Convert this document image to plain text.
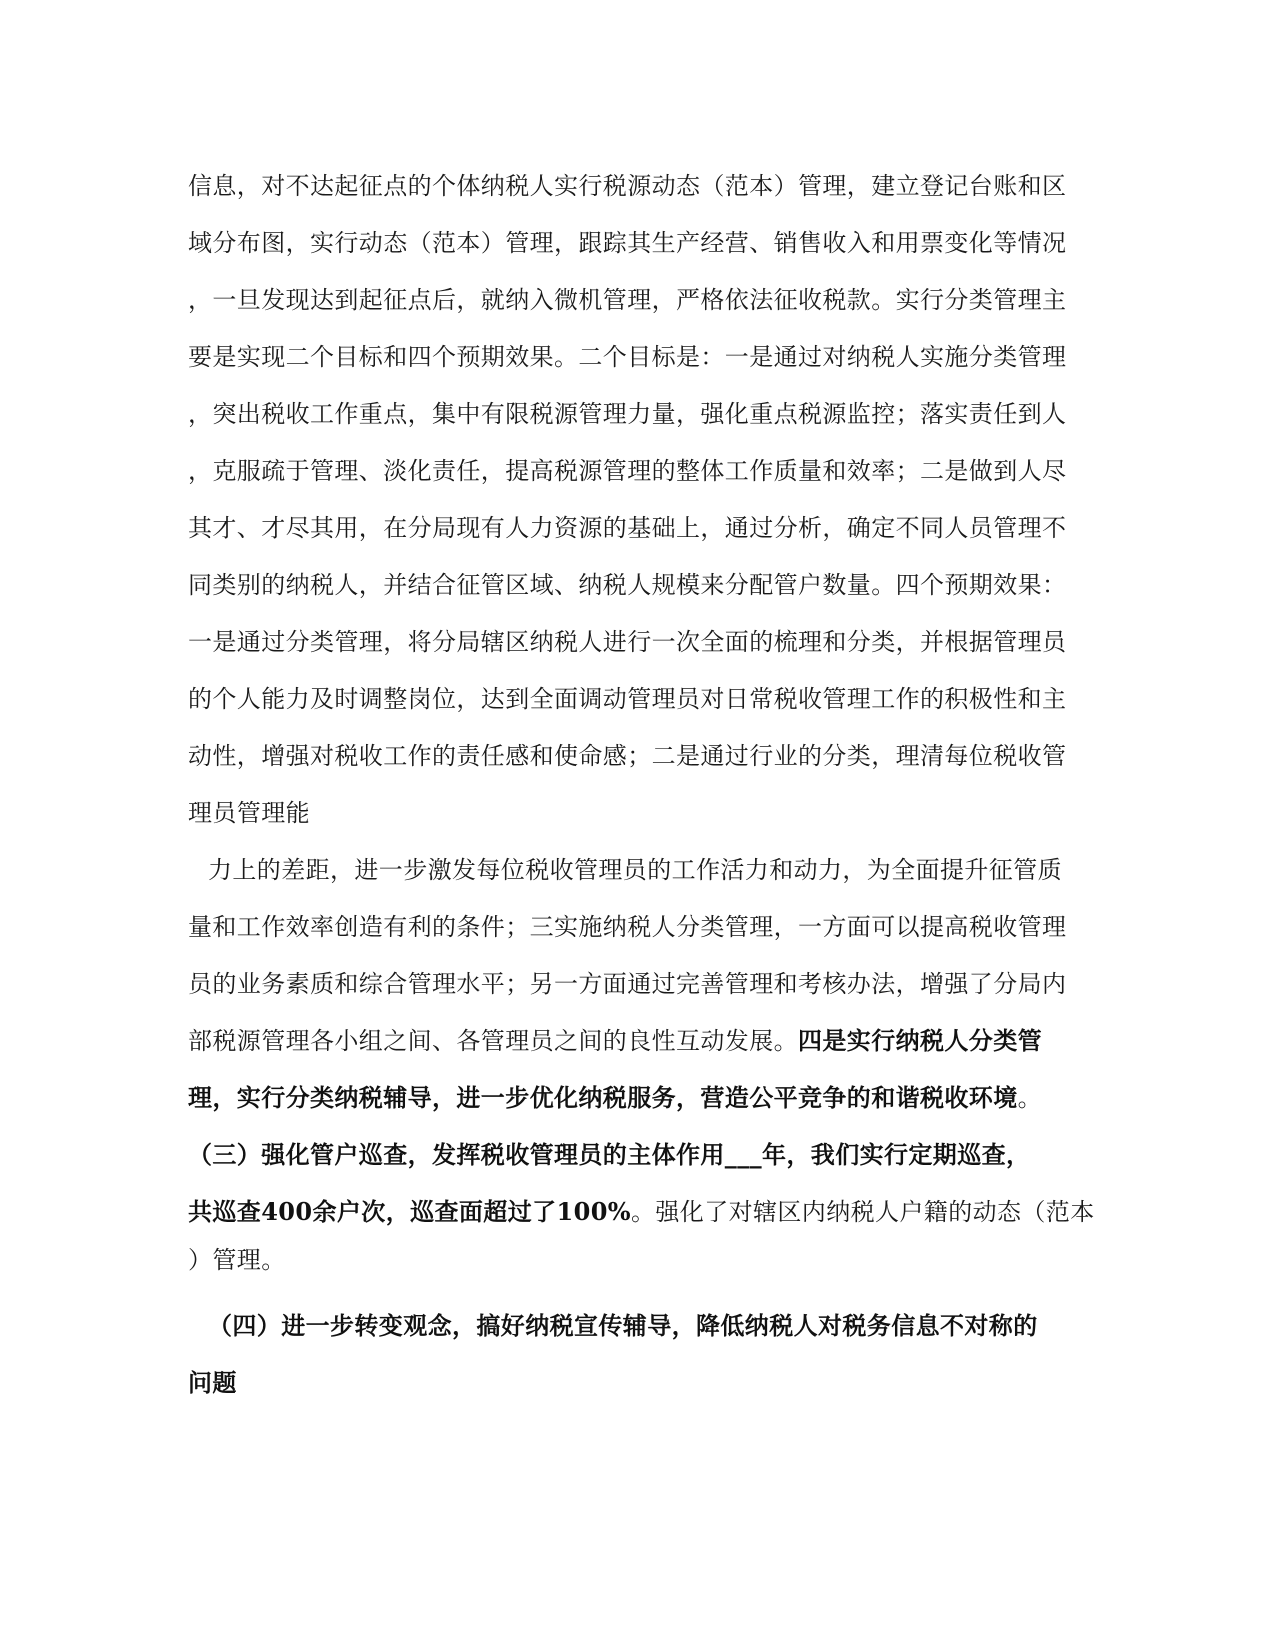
信息，对不达起征点的个体纳税人实行税源动态（范本）管理，建立登记台账和区
域分布图，实行动态（范本）管理，跟踪其生产经营、销售收入和用票变化等情况
，一旦发现达到起征点后，就纳入微机管理，严格依法征收税款。实行分类管理主
要是实现二个目标和四个预期效果。二个目标是：一是通过对纳税人实施分类管理
，突出税收工作重点，集中有限税源管理力量，强化重点税源监控；落实责任到人
，克服疏于管理、淡化责任，提高税源管理的整体工作质量和效率；二是做到人尽
其才、才尽其用，在分局现有人力资源的基础上，通过分析，确定不同人员管理不
同类别的纳税人，并结合征管区域、纳税人规模来分配管户数量。四个预期效果：
一是通过分类管理，将分局辖区纳税人进行一次全面的梳理和分类，并根据管理员
的个人能力及时调整岗位，达到全面调动管理员对日常税收管理工作的积极性和主
动性，增强对税收工作的责任感和使命感；二是通过行业的分类，理清每位税收管
理员管理能
力上的差距，进一步激发每位税收管理员的工作活力和动力，为全面提升征管质
量和工作效率创造有利的条件；三实施纳税人分类管理，一方面可以提高税收管理
员的业务素质和综合管理水平；另一方面通过完善管理和考核办法，增强了分局内
部税源管理各小组之间、各管理员之间的良性互动发展。四是实行纳税人分类管
理，实行分类纳税辅导，进一步优化纳税服务，营造公平竞争的和谐税收环境。
（三）强化管户巡查，发挥税收管理员的主体作用___年，我们实行定期巡查，
共巡查400余户次，巡查面超过了100%。强化了对辖区内纳税人户籍的动态（范本
）管理。
（四）进一步转变观念，搞好纳税宣传辅导，降低纳税人对税务信息不对称的
问题
